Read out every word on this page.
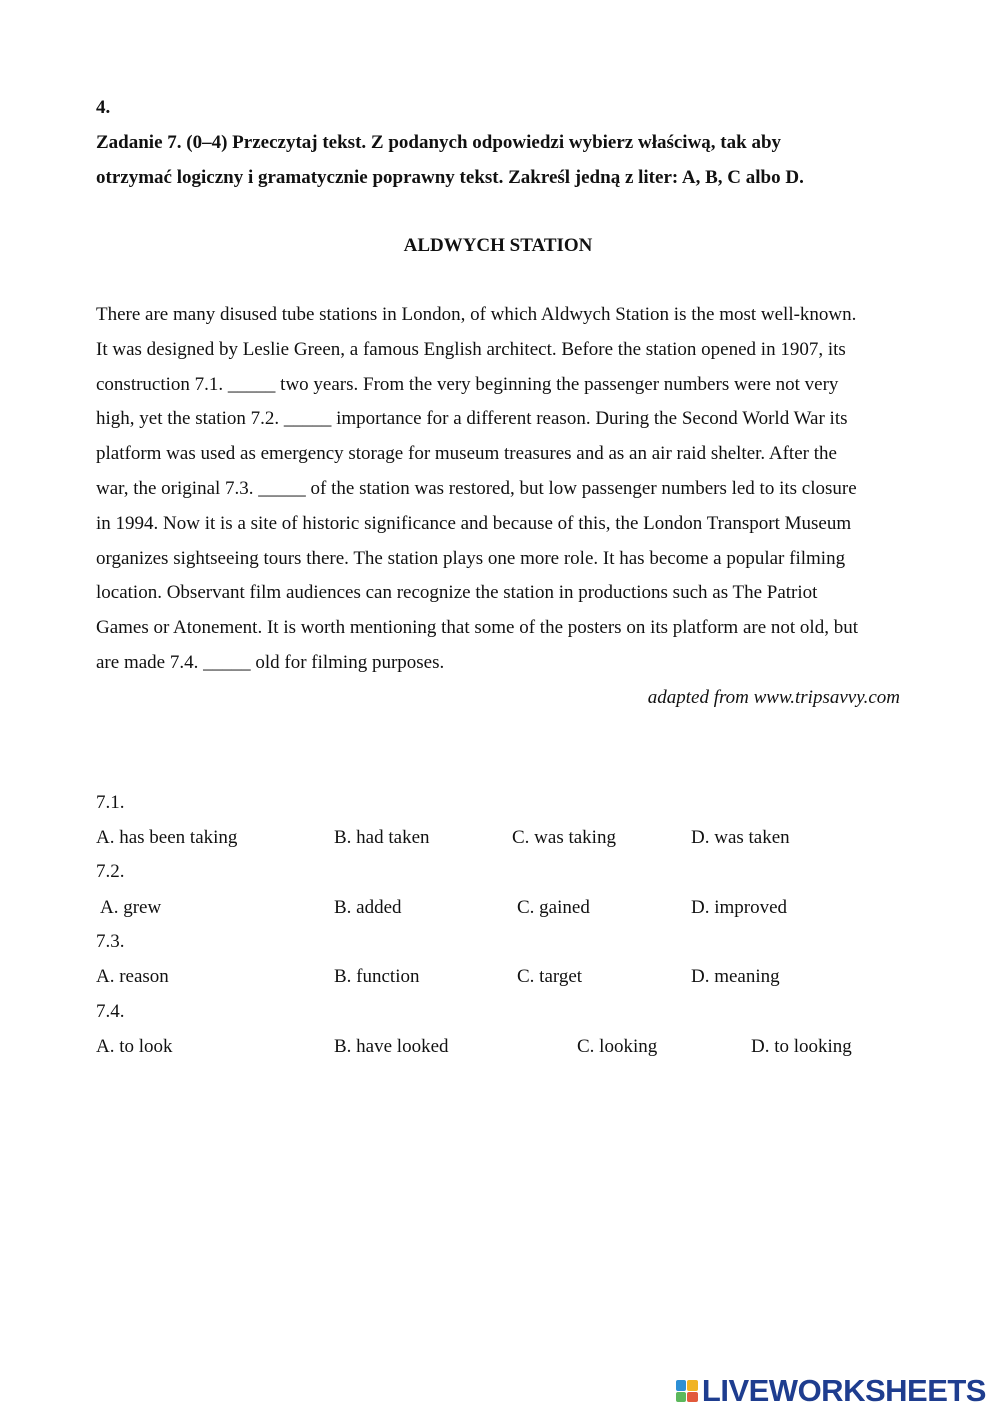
4.
Zadanie 7. (0–4) Przeczytaj tekst. Z podanych odpowiedzi wybierz właściwą, tak aby
otrzymać logiczny i gramatycznie poprawny tekst. Zakreśl jedną z liter: A, B, C albo D.
ALDWYCH STATION
There are many disused tube stations in London, of which Aldwych Station is the most well-known.
It was designed by Leslie Green, a famous English architect. Before the station opened in 1907, its
construction 7.1. _____ two years. From the very beginning the passenger numbers were not very
high, yet the station 7.2. _____ importance for a different reason. During the Second World War its
platform was used as emergency storage for museum treasures and as an air raid shelter. After the
war, the original 7.3. _____ of the station was restored, but low passenger numbers led to its closure
in 1994. Now it is a site of historic significance and because of this, the London Transport Museum
organizes sightseeing tours there. The station plays one more role. It has become a popular filming
location. Observant film audiences can recognize the station in productions such as The Patriot
Games or Atonement. It is worth mentioning that some of the posters on its platform are not old, but
are made 7.4. _____ old for filming purposes.
adapted from www.tripsavvy.com
7.1.
A. has been taking	B. had taken	C. was taking	D. was taken
7.2.
A. grew	B. added	C. gained	D. improved
7.3.
A. reason	B. function	C. target	D. meaning
7.4.
A. to look	B. have looked	C. looking	D. to looking
LIVEWORKSHEETS
